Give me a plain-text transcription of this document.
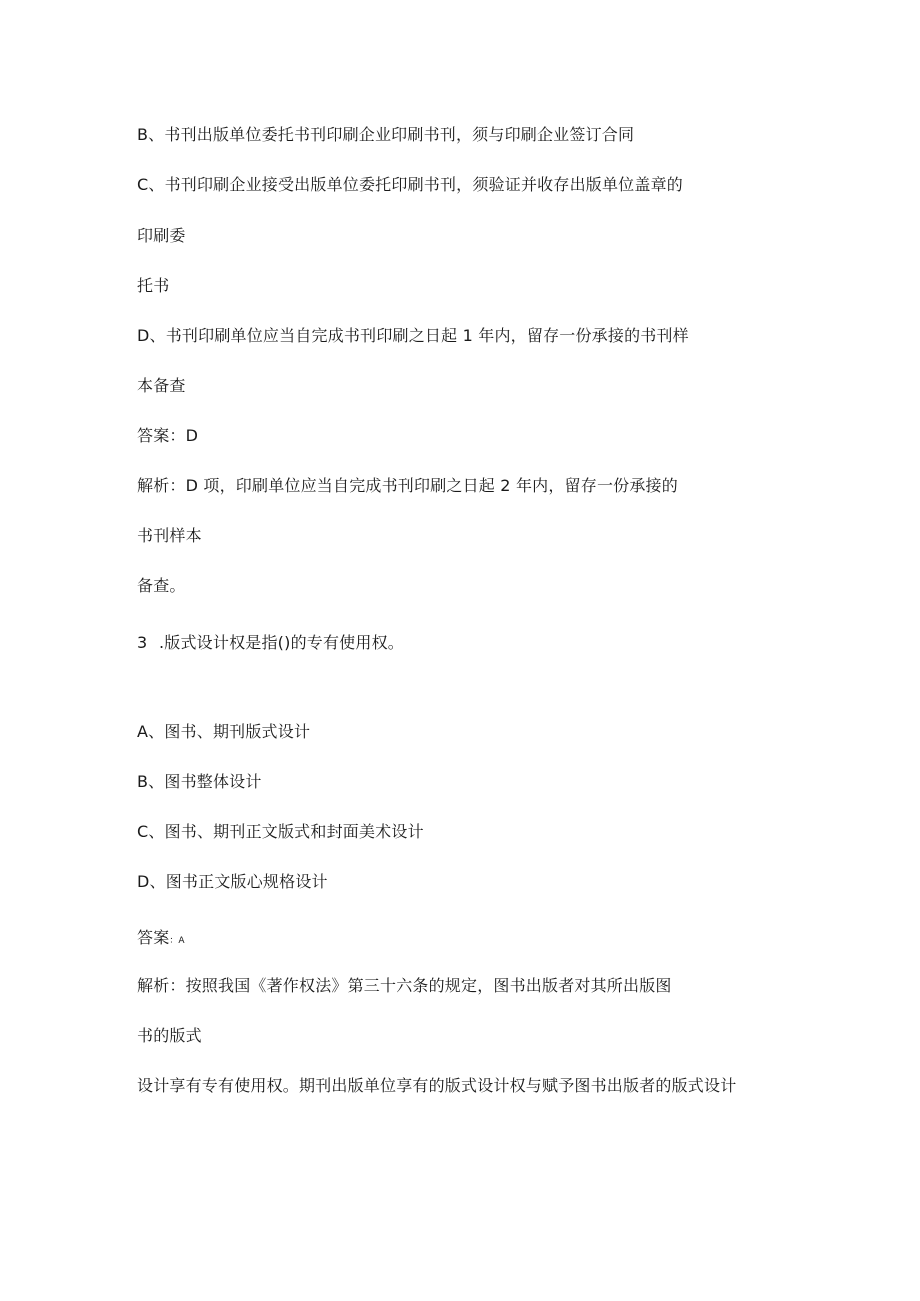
B、书刊出版单位委托书刊印刷企业印刷书刊，须与印刷企业签订合同
C、书刊印刷企业接受出版单位委托印刷书刊，须验证并收存出版单位盖章的
印刷委
托书
D、书刊印刷单位应当自完成书刊印刷之日起 1 年内，留存一份承接的书刊样
本备查
答案：D
解析：D 项，印刷单位应当自完成书刊印刷之日起 2 年内，留存一份承接的
书刊样本
备查。
3 .版式设计权是指()的专有使用权。
A、图书、期刊版式设计
B、图书整体设计
C、图书、期刊正文版式和封面美术设计
D、图书正文版心规格设计
答案：A
解析：按照我国《著作权法》第三十六条的规定，图书出版者对其所出版图
书的版式
设计享有专有使用权。期刊出版单位享有的版式设计权与赋予图书出版者的版式设计
